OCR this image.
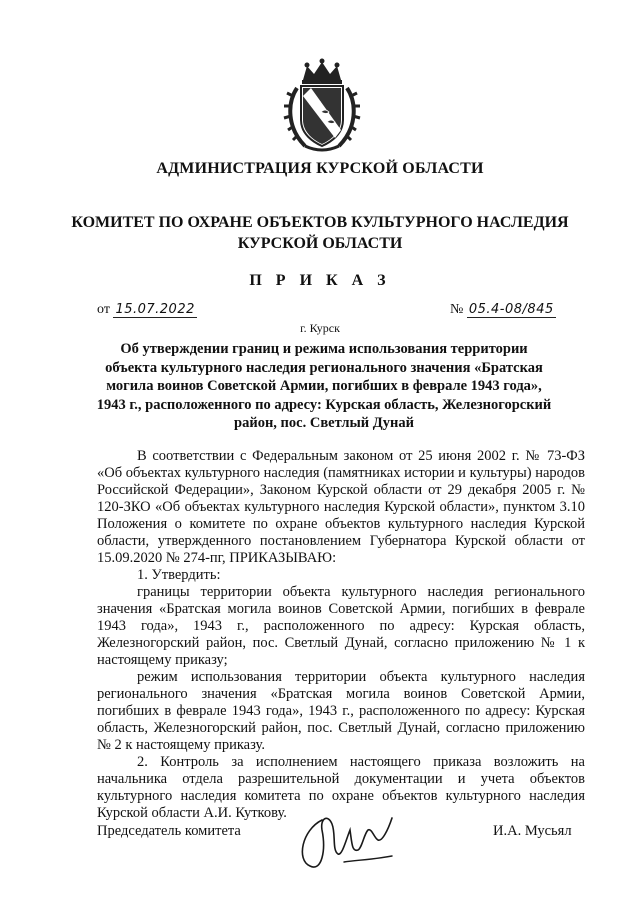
АДМИНИСТРАЦИЯ КУРСКОЙ ОБЛАСТИ
КОМИТЕТ ПО ОХРАНЕ ОБЪЕКТОВ КУЛЬТУРНОГО НАСЛЕДИЯ
КУРСКОЙ ОБЛАСТИ
П Р И К А З
от 15.07.2022	№ 05.4-08/845
г. Курск
Об утверждении границ и режима использования территории объекта культурного наследия регионального значения «Братская могила воинов Советской Армии, погибших в феврале 1943 года», 1943 г., расположенного по адресу: Курская область, Железногорский район, пос. Светлый Дунай

В соответствии с Федеральным законом от 25 июня 2002 г. № 73-ФЗ «Об объектах культурного наследия (памятниках истории и культуры) народов Российской Федерации», Законом Курской области от 29 декабря 2005 г. № 120-ЗКО «Об объектах культурного наследия Курской области», пунктом 3.10 Положения о комитете по охране объектов культурного наследия Курской области, утвержденного постановлением Губернатора Курской области от 15.09.2020 № 274-пг, ПРИКАЗЫВАЮ:

1. Утвердить:

границы территории объекта культурного наследия регионального значения «Братская могила воинов Советской Армии, погибших в феврале 1943 года», 1943 г., расположенного по адресу: Курская область, Железногорский район, пос. Светлый Дунай, согласно приложению № 1 к настоящему приказу;

режим использования территории объекта культурного наследия регионального значения «Братская могила воинов Советской Армии, погибших в феврале 1943 года», 1943 г., расположенного по адресу: Курская область, Железногорский район, пос. Светлый Дунай, согласно приложению № 2 к настоящему приказу.

2. Контроль за исполнением настоящего приказа возложить на начальника отдела разрешительной документации и учета объектов культурного наследия комитета по охране объектов культурного наследия Курской области А.И. Куткову.

Председатель комитета	И.А. Мусьял
